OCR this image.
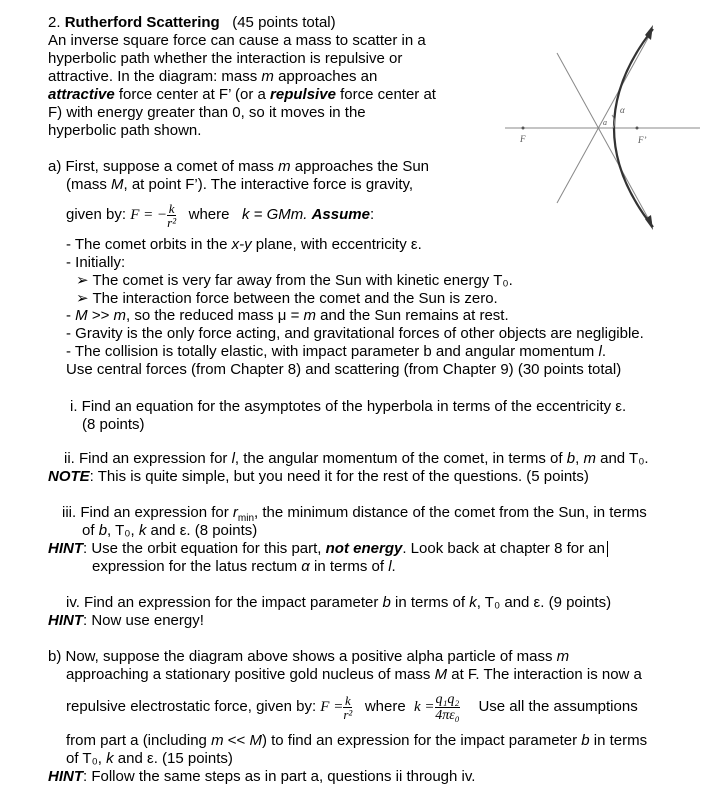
2. Rutherford Scattering (45 points total)
An inverse square force can cause a mass to scatter in a
hyperbolic path whether the interaction is repulsive or
attractive. In the diagram: mass m approaches an
attractive force center at F’ (or a repulsive force center at
F) with energy greater than 0, so it moves in the
hyperbolic path shown.	F	F’
α
a
a) First, suppose a comet of mass m approaches the Sun
(mass M, at point F’). The interactive force is gravity,
given by: F = − $\frac{k}{\text{r²}}$ where   k = GMm. Assume:
- The comet orbits in the x-y plane, with eccentricity ε.
- Initially:
➢ The comet is very far away from the Sun with kinetic energy T₀.
➢ The interaction force between the comet and the Sun is zero.
- M >> m, so the reduced mass μ = m and the Sun remains at rest.
- Gravity is the only force acting, and gravitational forces of other objects are negligible.
- The collision is totally elastic, with impact parameter b and angular momentum l.
Use central forces (from Chapter 8) and scattering (from Chapter 9) (30 points total)
i. Find an equation for the asymptotes of the hyperbola in terms of the eccentricity ε.
(8 points)
ii. Find an expression for l, the angular momentum of the comet, in terms of b, m and T₀.
NOTE: This is quite simple, but you need it for the rest of the questions. (5 points)
iii. Find an expression for $r_{min}$, the minimum distance of the comet from the Sun, in terms
of b, T₀, k and ε. (8 points)
HINT: Use the orbit equation for this part, not energy. Look back at chapter 8 for an
expression for the latus rectum α in terms of l.
iv. Find an expression for the impact parameter b in terms of k, T₀ and ε. (9 points)
HINT: Now use energy!
b) Now, suppose the diagram above shows a positive alpha particle of mass m
approaching a stationary positive gold nucleus of mass M at F. The interaction is now a
repulsive electrostatic force, given by: $F = \frac{k}{\text{r²}}$ where  $k = \frac{\text{q₁q₂}}{\text{4πε₀}}$ Use all the assumptions
from part a (including m << M) to find an expression for the impact parameter b in terms
of T₀, k and ε. (15 points)
HINT: Follow the same steps as in part a, questions ii through iv.
